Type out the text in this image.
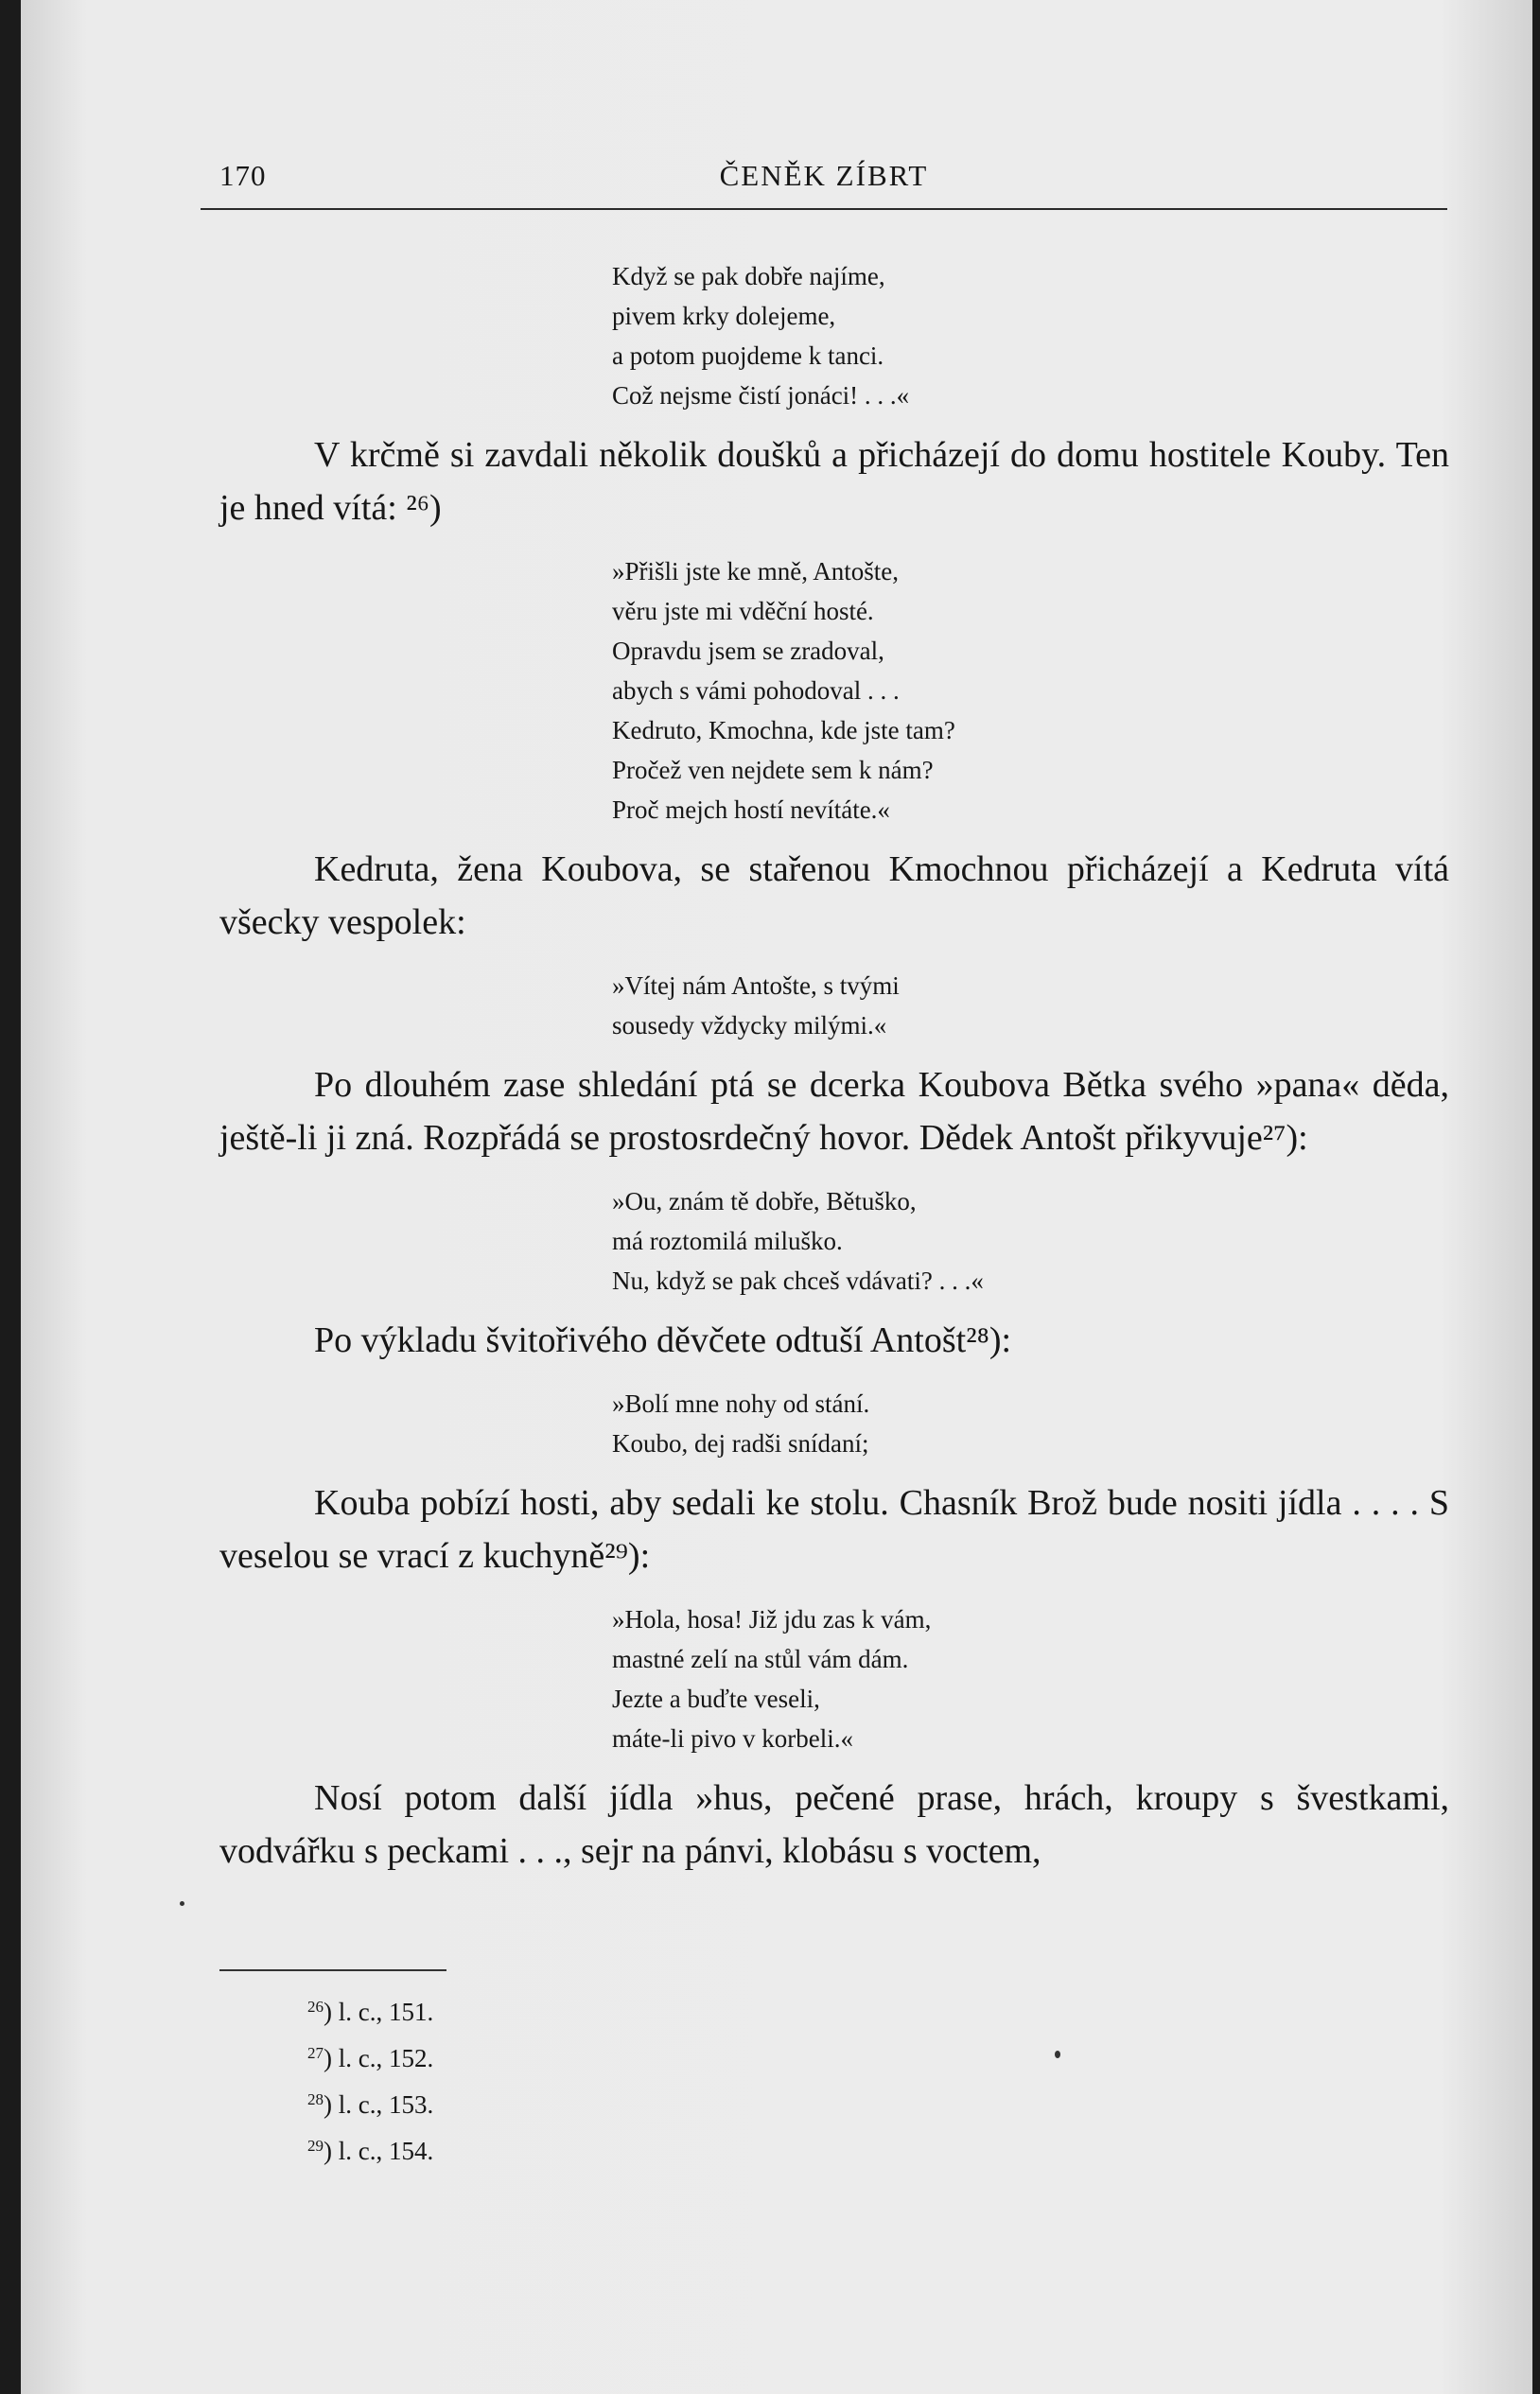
170	ČENĚK ZÍBRT
Když se pak dobře najíme,
pivem krky dolejeme,
a potom puojdeme k tanci.
Což nejsme čistí jonáci! . . .«

V krčmě si zavdali několik doušků a přicházejí do domu hostitele Kouby. Ten je hned vítá: ²⁶)

»Přišli jste ke mně, Antošte,
věru jste mi vděční hosté.
Opravdu jsem se zradoval,
abych s vámi pohodoval . . .
Kedruto, Kmochna, kde jste tam?
Pročež ven nejdete sem k nám?
Proč mejch hostí nevítáte.«

Kedruta, žena Koubova, se stařenou Kmochnou přicházejí a Kedruta vítá všecky vespolek:

»Vítej nám Antošte, s tvými
sousedy vždycky milými.«

Po dlouhém zase shledání ptá se dcerka Koubova Bětka svého »pana« děda, ještě-li ji zná. Rozpřádá se prostosrdečný hovor. Dědek Antošt přikyvuje²⁷):

»Ou, znám tě dobře, Bětuško,
má roztomilá miluško.
Nu, když se pak chceš vdávati? . . .«

Po výkladu švitořivého děvčete odtuší Antošt²⁸):

»Bolí mne nohy od stání.
Koubo, dej radši snídaní;

Kouba pobízí hosti, aby sedali ke stolu. Chasník Brož bude nositi jídla . . . . S veselou se vrací z kuchyně²⁹):

»Hola, hosa! Již jdu zas k vám,
mastné zelí na stůl vám dám.
Jezte a buďte veseli,
máte-li pivo v korbeli.«

Nosí potom další jídla »hus, pečené prase, hrách, kroupy s švestkami, vodvářku s peckami . . ., sejr na pánvi, klobásu s voctem,

$^{26}$) l. c., 151.
$^{27}$) l. c., 152.
$^{28}$) l. c., 153.
$^{29}$) l. c., 154.
